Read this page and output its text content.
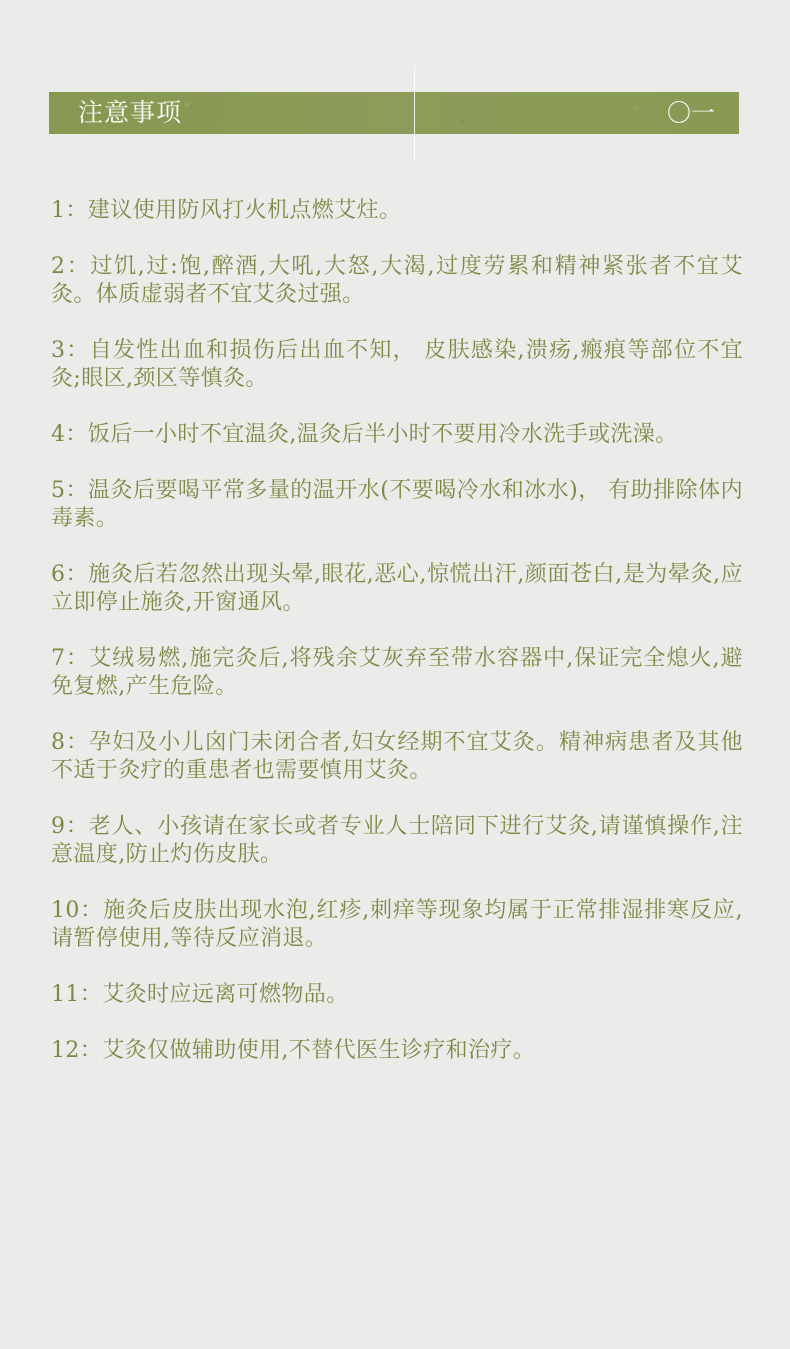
注意事项	〇一
1：建议使用防风打火机点燃艾炷。
2：过饥,过:饱,醉酒,大吼,大怒,大渴,过度劳累和精神紧张者不宜艾灸。体质虚弱者不宜艾灸过强。
3：自发性出血和损伤后出血不知， 皮肤感染,溃疡,瘢痕等部位不宜灸;眼区,颈区等慎灸。
4：饭后一小时不宜温灸,温灸后半小时不要用冷水洗手或洗澡。
5：温灸后要喝平常多量的温开水(不要喝冷水和冰水)， 有助排除体内毒素。
6：施灸后若忽然出现头晕,眼花,恶心,惊慌出汗,颜面苍白,是为晕灸,应立即停止施灸,开窗通风。
7：艾绒易燃,施完灸后,将残余艾灰弃至带水容器中,保证完全熄火,避免复燃,产生危险。
8：孕妇及小儿囟门未闭合者,妇女经期不宜艾灸。精神病患者及其他不适于灸疗的重患者也需要慎用艾灸。
9：老人、小孩请在家长或者专业人士陪同下进行艾灸,请谨慎操作,注意温度,防止灼伤皮肤。
10：施灸后皮肤出现水泡,红疹,刺痒等现象均属于正常排湿排寒反应,请暂停使用,等待反应消退。
11：艾灸时应远离可燃物品。
12：艾灸仅做辅助使用,不替代医生诊疗和治疗。
